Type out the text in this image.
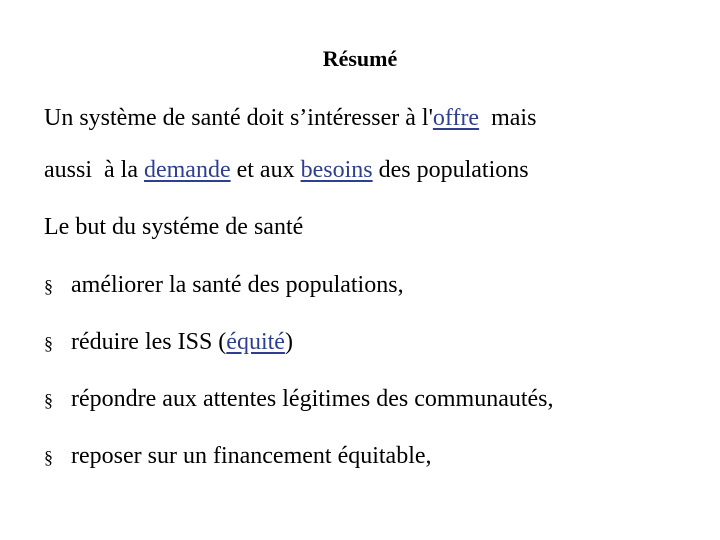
Résumé
Un système de santé doit s’intéresser à l'offre  mais
aussi  à la demande et aux besoins des populations
Le but du systéme de santé
§ améliorer la santé des populations,
§ réduire les ISS (équité)
§ répondre aux attentes légitimes des communautés,
§ reposer sur un financement équitable,
